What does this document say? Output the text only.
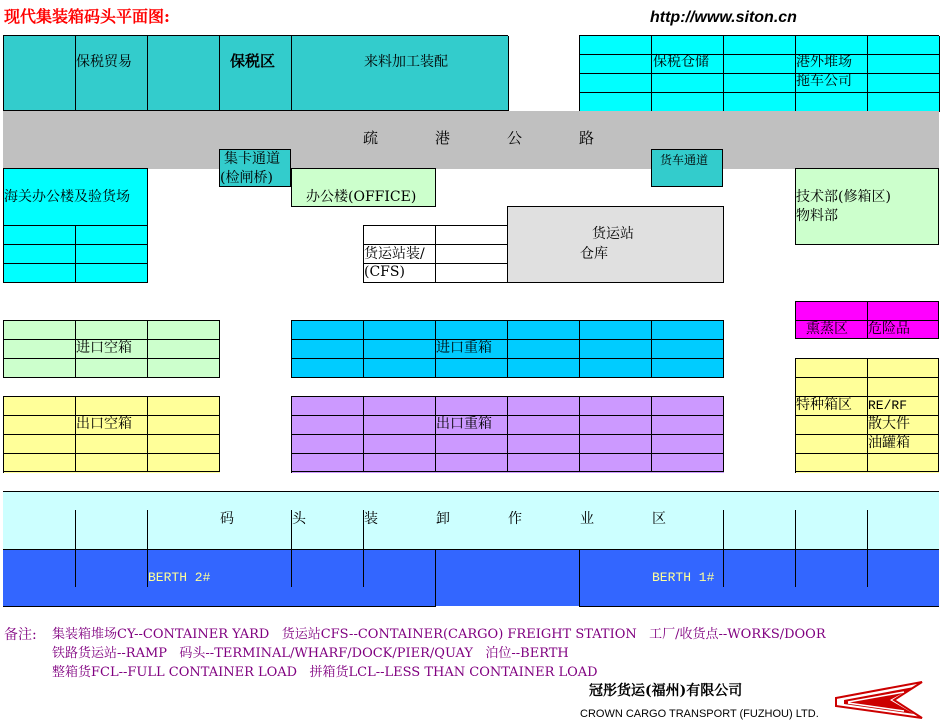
现代集装箱码头平面图:	http://www.siton.cn
保税贸易	保税区	来料加工装配	保税仓储	港外堆场
拖车公司
疏	港	公	路
集卡通道
(检闸桥)
货车通道
海关办公楼及验货场	办公楼(OFFICE)
货运站装/
(CFS)
货运站
仓库
技术部(修箱区)
物料部
熏蒸区 危险品
进口空箱	进口重箱
特种箱区 RE/RF
散大件
油罐箱
出口空箱	出口重箱
码	头	装	卸	作	业	区
BERTH 2#	BERTH 1#
备注: 集装箱堆场CY--CONTAINER YARD   货运站CFS--CONTAINER(CARGO) FREIGHT STATION   工厂/收货点--WORKS/DOOR
铁路货运站--RAMP   码头--TERMINAL/WHARF/DOCK/PIER/QUAY   泊位--BERTH
整箱货FCL--FULL CONTAINER LOAD   拼箱货LCL--LESS THAN CONTAINER LOAD
冠彤货运(福州)有限公司
CROWN CARGO TRANSPORT (FUZHOU) LTD.
